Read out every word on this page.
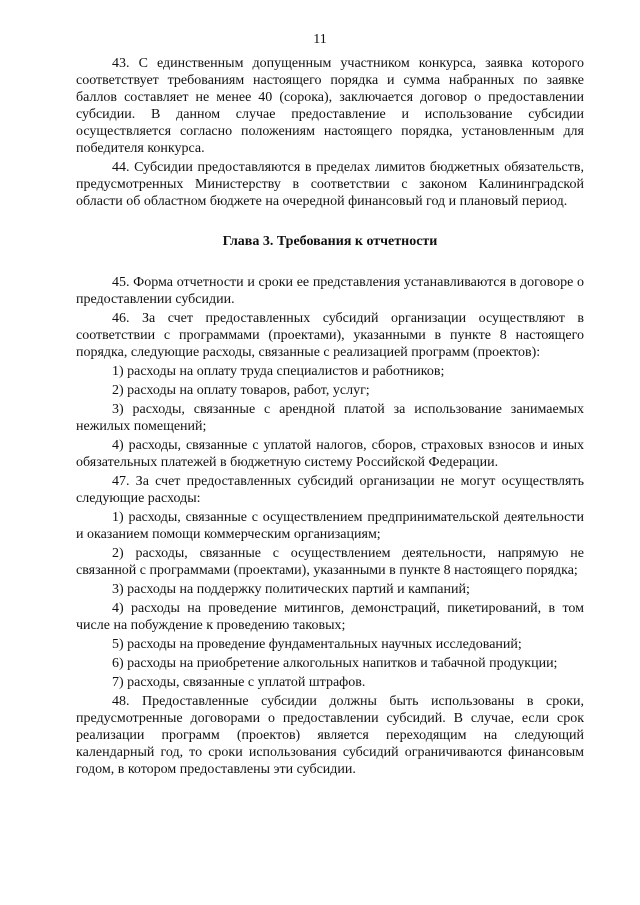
11

43. С единственным допущенным участником конкурса, заявка которого соответствует требованиям настоящего порядка и сумма набранных по заявке баллов составляет не менее 40 (сорока), заключается договор о предоставлении субсидии. В данном случае предоставление и использование субсидии осуществляется согласно положениям настоящего порядка, установленным для победителя конкурса.

44. Субсидии предоставляются в пределах лимитов бюджетных обязательств, предусмотренных Министерству в соответствии с законом Калининградской области об областном бюджете на очередной финансовый год и плановый период.

Глава 3. Требования к отчетности

45. Форма отчетности и сроки ее представления устанавливаются в договоре о предоставлении субсидии.

46. За счет предоставленных субсидий организации осуществляют в соответствии с программами (проектами), указанными в пункте 8 настоящего порядка, следующие расходы, связанные с реализацией программ (проектов):

1) расходы на оплату труда специалистов и работников;

2) расходы на оплату товаров, работ, услуг;

3) расходы, связанные с арендной платой за использование занимаемых нежилых помещений;

4) расходы, связанные с уплатой налогов, сборов, страховых взносов и иных обязательных платежей в бюджетную систему Российской Федерации.

47. За счет предоставленных субсидий организации не могут осуществлять следующие расходы:

1) расходы, связанные с осуществлением предпринимательской деятельности и оказанием помощи коммерческим организациям;

2) расходы, связанные с осуществлением деятельности, напрямую не связанной с программами (проектами), указанными в пункте 8 настоящего порядка;

3) расходы на поддержку политических партий и кампаний;

4) расходы на проведение митингов, демонстраций, пикетирований, в том числе на побуждение к проведению таковых;

5) расходы на проведение фундаментальных научных исследований;

6) расходы на приобретение алкогольных напитков и табачной продукции;

7) расходы, связанные с уплатой штрафов.

48. Предоставленные субсидии должны быть использованы в сроки, предусмотренные договорами о предоставлении субсидий. В случае, если срок реализации программ (проектов) является переходящим на следующий календарный год, то сроки использования субсидий ограничиваются финансовым годом, в котором предоставлены эти субсидии.
